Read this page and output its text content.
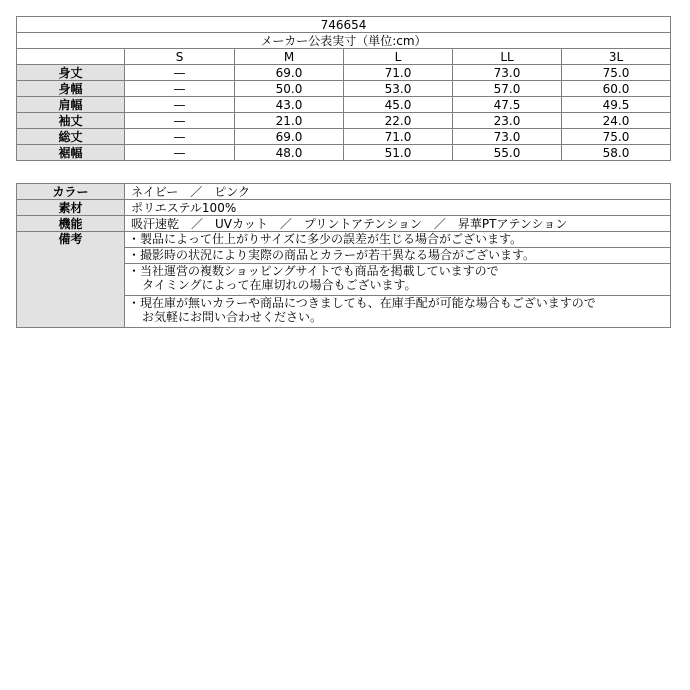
746654					
メーカー公表実寸（単位:cm）					
	S	M	L	LL	3L
身丈	—	69.0	71.0	73.0	75.0
身幅	—	50.0	53.0	57.0	60.0
肩幅	—	43.0	45.0	47.5	49.5
袖丈	—	21.0	22.0	23.0	24.0
総丈	—	69.0	71.0	73.0	75.0
裾幅	—	48.0	51.0	55.0	58.0
カラー	ネイビー　／　ピンク
素材	ポリエステル100%
機能	吸汗速乾　／　UVカット　／　プリントアテンション　／　昇華PTアテンション
備考	・製品によって仕上がりサイズに多少の誤差が生じる場合がございます。

	・撮影時の状況により実際の商品とカラーが若干異なる場合がございます。

	・当社運営の複数ショッピングサイトでも商品を掲載していますので
タイミングによって在庫切れの場合もございます。

	・現在庫が無いカラーや商品につきましても、在庫手配が可能な場合もございますので
お気軽にお問い合わせください。
